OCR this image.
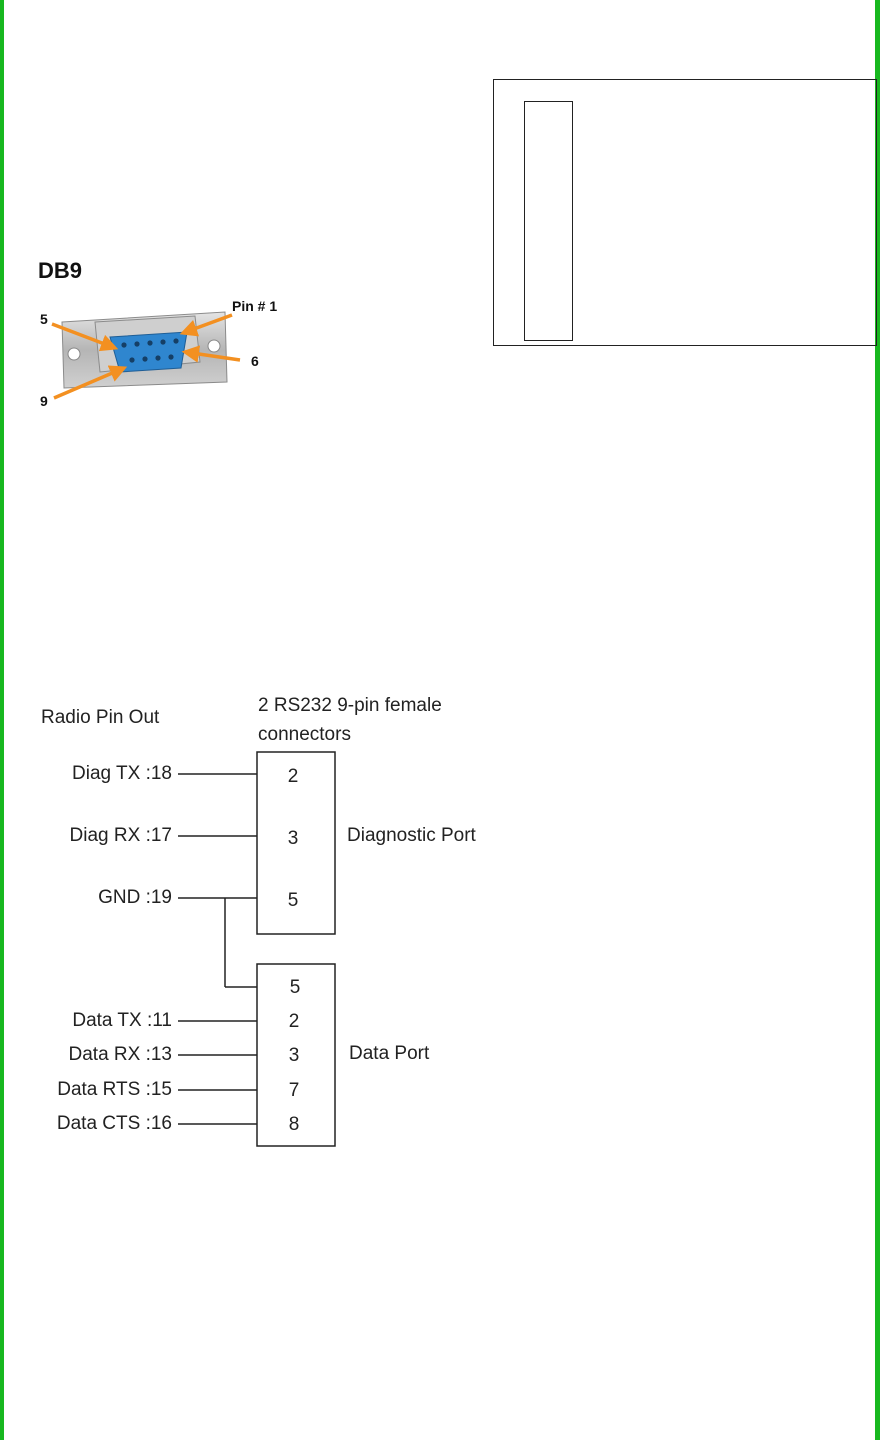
DB9
5
Pin # 1
6
9
Radio Pin Out
2 RS232 9-pin female
connectors
Diag TX :18
Diag RX :17
GND :19
2
3
5
Diagnostic Port
5
Data TX :11
Data RX :13
Data RTS :15
Data CTS :16
2
3
7
8
Data Port
